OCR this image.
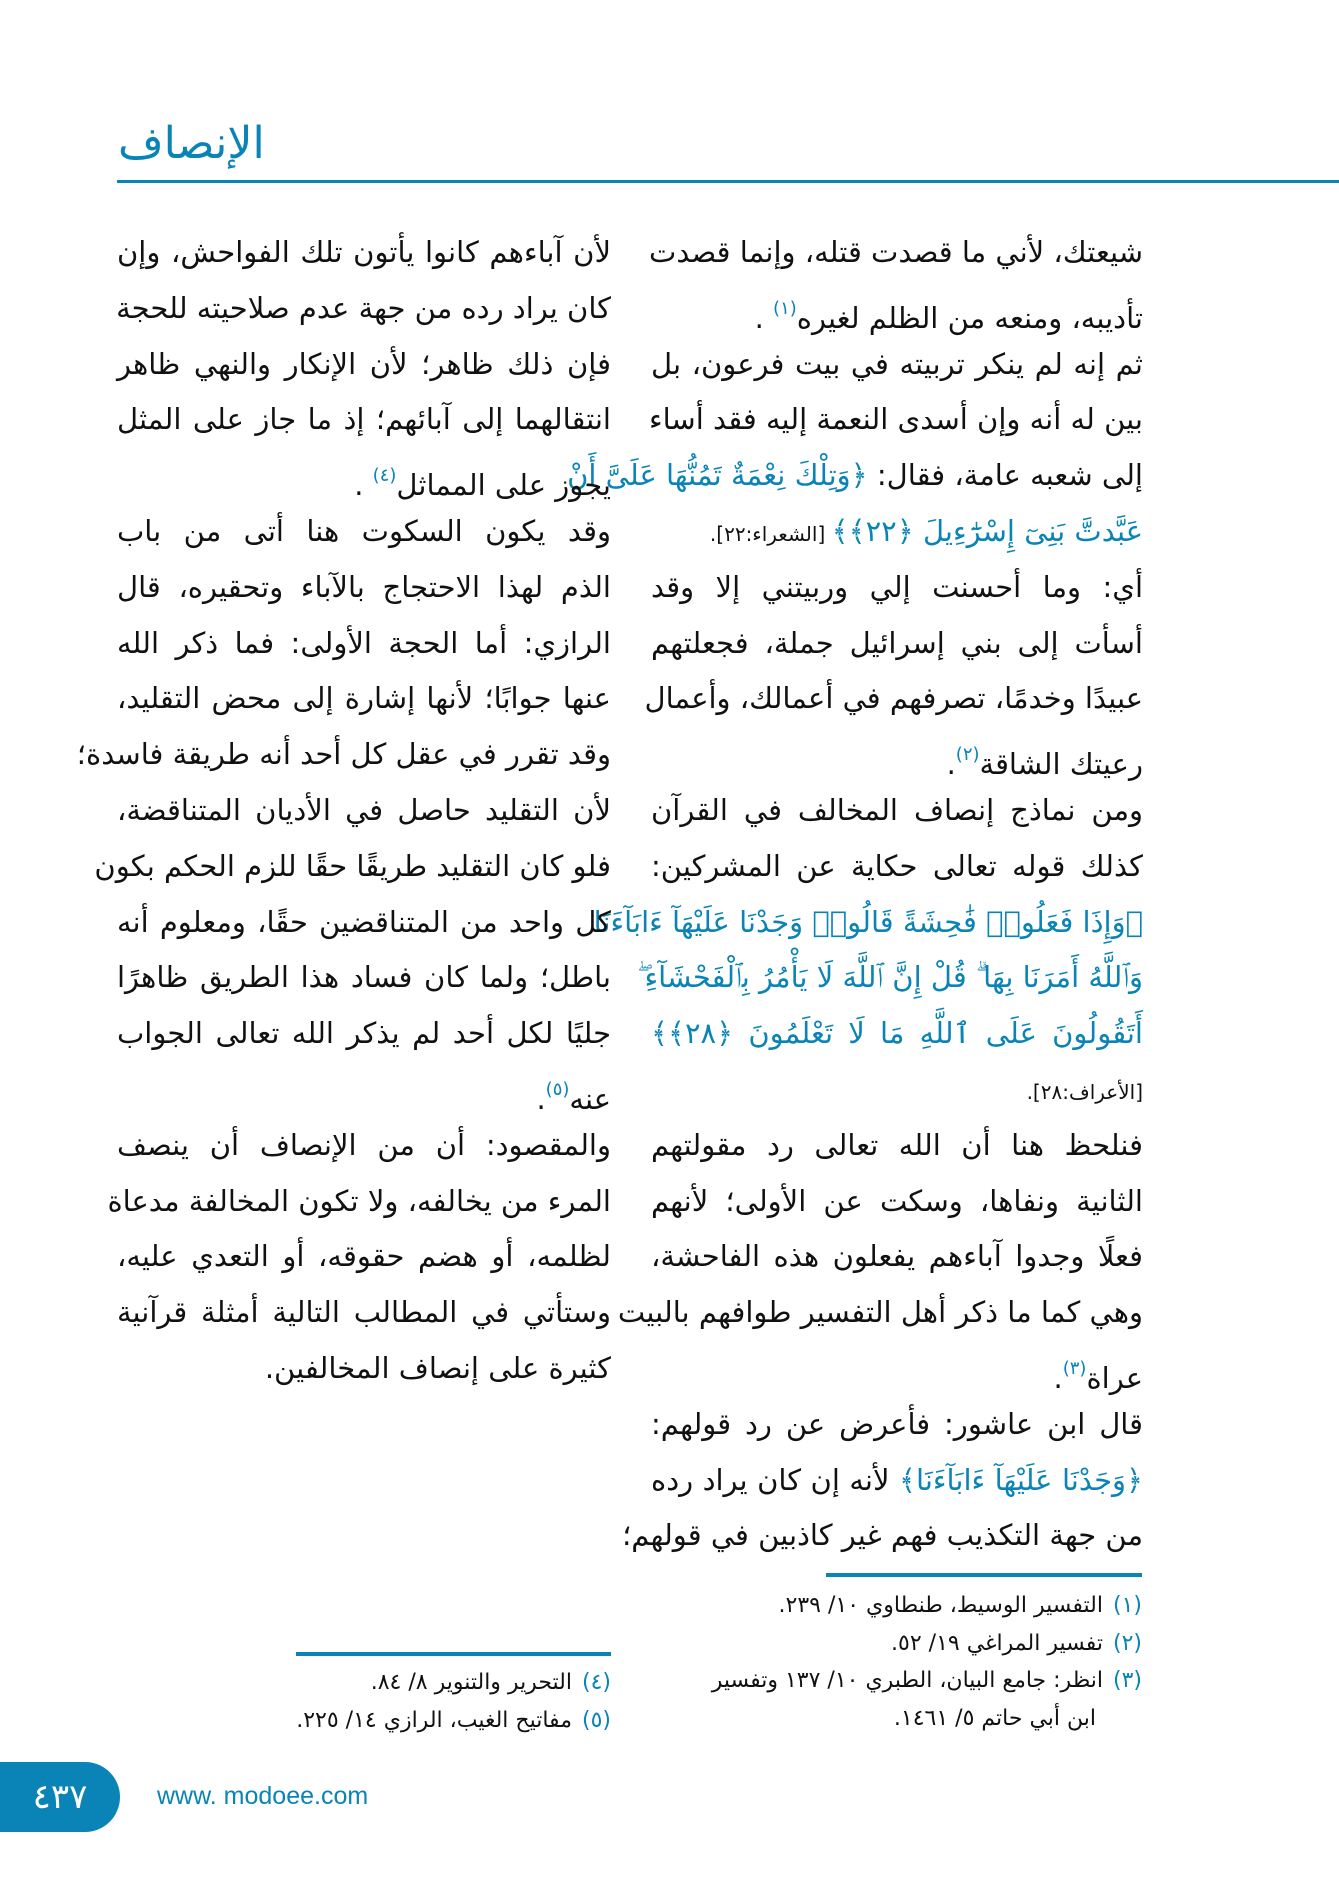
الإنصاف
شيعتك، لأني ما قصدت قتله، وإنما قصدت
تأديبه، ومنعه من الظلم لغيره$^{(١)}$ .
ثم إنه لم ينكر تربيته في بيت فرعون، بل
بين له أنه وإن أسدى النعمة إليه فقد أساء
إلى شعبه عامة، فقال: ﴿وَتِلْكَ نِعْمَةٌ تَمُنُّهَا عَلَىَّ أَنْ
عَبَّدتَّ بَنِىٓ إِسْرَٰٓءِيلَ ﴿٢٢﴾﴾ [الشعراء:٢٢].
أي: وما أحسنت إلي وربيتني إلا وقد
أسأت إلى بني إسرائيل جملة، فجعلتهم
عبيدًا وخدمًا، تصرفهم في أعمالك، وأعمال
رعيتك الشاقة$^{(٢)}$.
ومن نماذج إنصاف المخالف في القرآن
كذلك قوله تعالى حكاية عن المشركين:
﴿وَإِذَا فَعَلُوا۟ فَٰحِشَةً قَالُوا۟ وَجَدْنَا عَلَيْهَآ ءَابَآءَنَا
وَٱللَّهُ أَمَرَنَا بِهَا ۗ قُلْ إِنَّ ٱللَّهَ لَا يَأْمُرُ بِٱلْفَحْشَآءِ ۖ
أَتَقُولُونَ عَلَى ٱللَّهِ مَا لَا تَعْلَمُونَ ﴿٢٨﴾﴾
[الأعراف:٢٨].
فنلحظ هنا أن الله تعالى رد مقولتهم
الثانية ونفاها، وسكت عن الأولى؛ لأنهم
فعلًا وجدوا آباءهم يفعلون هذه الفاحشة،
وهي كما ما ذكر أهل التفسير طوافهم بالبيت
عراة$^{(٣)}$.
قال ابن عاشور: فأعرض عن رد قولهم:
﴿وَجَدْنَا عَلَيْهَآ ءَابَآءَنَا﴾ لأنه إن كان يراد رده
من جهة التكذيب فهم غير كاذبين في قولهم؛
لأن آباءهم كانوا يأتون تلك الفواحش، وإن
كان يراد رده من جهة عدم صلاحيته للحجة
فإن ذلك ظاهر؛ لأن الإنكار والنهي ظاهر
انتقالهما إلى آبائهم؛ إذ ما جاز على المثل
يجوز على المماثل$^{(٤)}$ .
وقد يكون السكوت هنا أتى من باب
الذم لهذا الاحتجاج بالآباء وتحقيره، قال
الرازي: أما الحجة الأولى: فما ذكر الله
عنها جوابًا؛ لأنها إشارة إلى محض التقليد،
وقد تقرر في عقل كل أحد أنه طريقة فاسدة؛
لأن التقليد حاصل في الأديان المتناقضة،
فلو كان التقليد طريقًا حقًا للزم الحكم بكون
كل واحد من المتناقضين حقًا، ومعلوم أنه
باطل؛ ولما كان فساد هذا الطريق ظاهرًا
جليًا لكل أحد لم يذكر الله تعالى الجواب
عنه$^{(٥)}$.
والمقصود: أن من الإنصاف أن ينصف
المرء من يخالفه، ولا تكون المخالفة مدعاة
لظلمه، أو هضم حقوقه، أو التعدي عليه،
وستأتي في المطالب التالية أمثلة قرآنية
كثيرة على إنصاف المخالفين.
(١)التفسير الوسيط، طنطاوي ١٠/ ٢٣٩.
(٢)تفسير المراغي ١٩/ ٥٢.
(٣)انظر: جامع البيان، الطبري ١٠/ ١٣٧ وتفسير
ابن أبي حاتم ٥/ ١٤٦١.
(٤)التحرير والتنوير ٨/ ٨٤.
(٥)مفاتيح الغيب، الرازي ١٤/ ٢٢٥.
٤٣٧	www. modoee.com
